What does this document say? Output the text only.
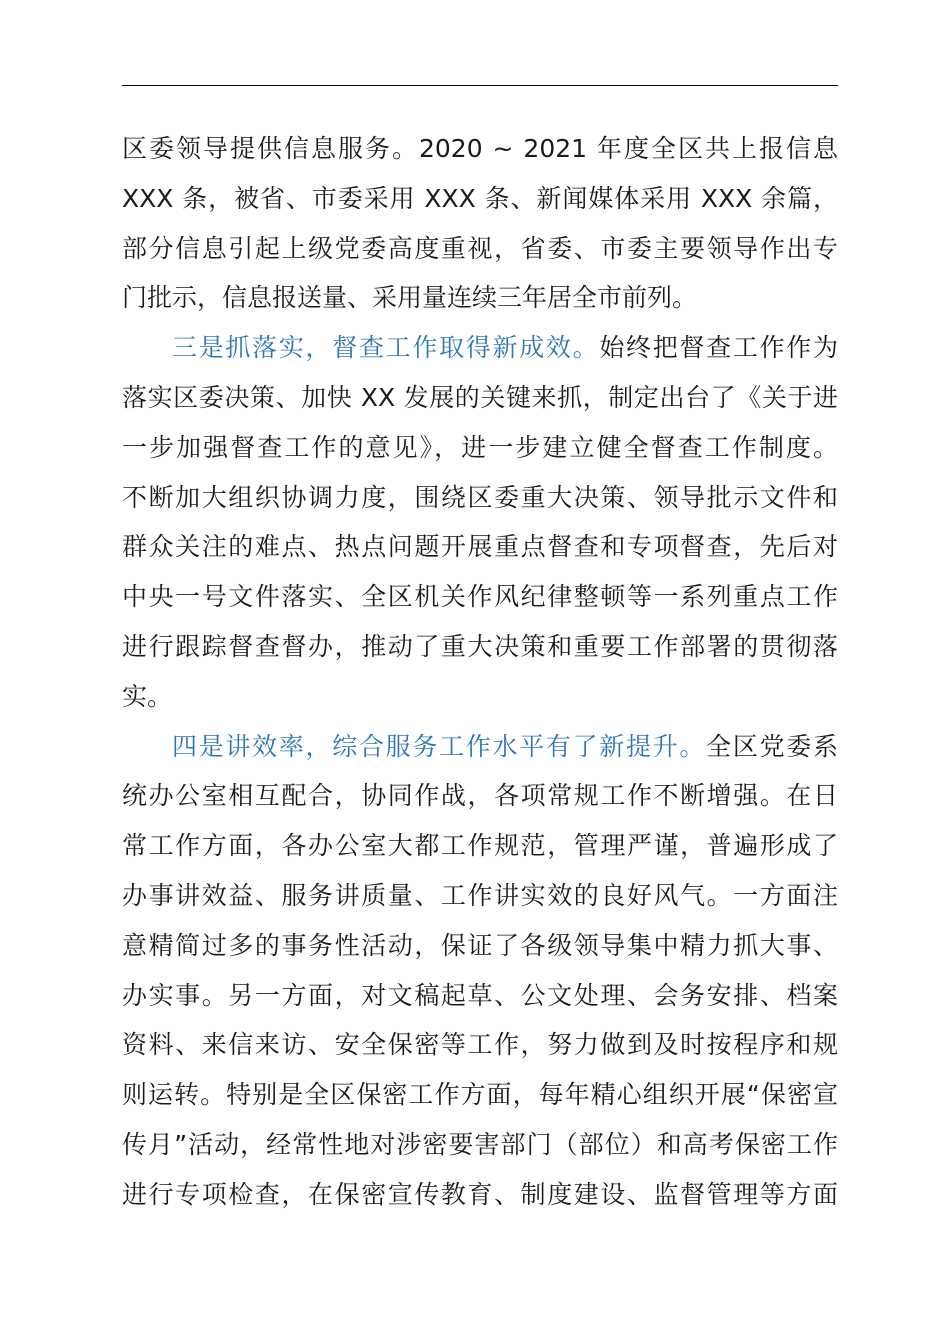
区委领导提供信息服务。2020 ~ 2021 年度全区共上报信息
XXX 条，被省、市委采用 XXX 条、新闻媒体采用 XXX 余篇，
部分信息引起上级党委高度重视，省委、市委主要领导作出专
门批示，信息报送量、采用量连续三年居全市前列。
三是抓落实，督查工作取得新成效。始终把督查工作作为
落实区委决策、加快 XX 发展的关键来抓，制定出台了《关于进
一步加强督查工作的意见》，进一步建立健全督查工作制度。
不断加大组织协调力度，围绕区委重大决策、领导批示文件和
群众关注的难点、热点问题开展重点督查和专项督查，先后对
中央一号文件落实、全区机关作风纪律整顿等一系列重点工作
进行跟踪督查督办，推动了重大决策和重要工作部署的贯彻落
实。
四是讲效率，综合服务工作水平有了新提升。全区党委系
统办公室相互配合，协同作战，各项常规工作不断增强。在日
常工作方面，各办公室大都工作规范，管理严谨，普遍形成了
办事讲效益、服务讲质量、工作讲实效的良好风气。一方面注
意精简过多的事务性活动，保证了各级领导集中精力抓大事、
办实事。另一方面，对文稿起草、公文处理、会务安排、档案
资料、来信来访、安全保密等工作，努力做到及时按程序和规
则运转。特别是全区保密工作方面，每年精心组织开展“保密宣
传月”活动，经常性地对涉密要害部门（部位）和高考保密工作
进行专项检查，在保密宣传教育、制度建设、监督管理等方面
